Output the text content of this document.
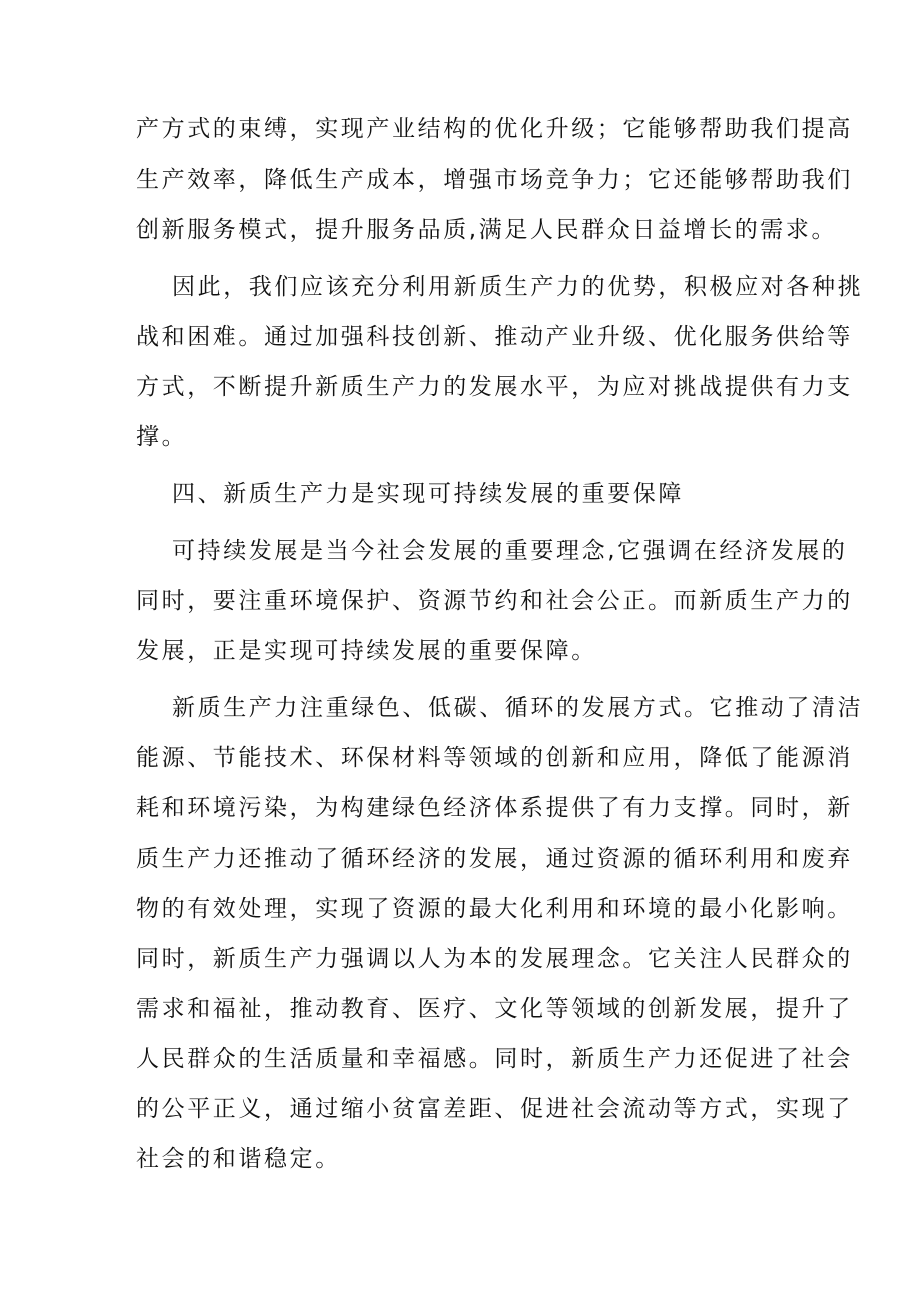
产方式的束缚，实现产业结构的优化升级；它能够帮助我们提高
生产效率，降低生产成本，增强市场竞争力；它还能够帮助我们
创新服务模式，提升服务品质,满足人民群众日益增长的需求。
因此，我们应该充分利用新质生产力的优势，积极应对各种挑
战和困难。通过加强科技创新、推动产业升级、优化服务供给等
方式，不断提升新质生产力的发展水平，为应对挑战提供有力支
撑。
四、新质生产力是实现可持续发展的重要保障
可持续发展是当今社会发展的重要理念,它强调在经济发展的
同时，要注重环境保护、资源节约和社会公正。而新质生产力的
发展，正是实现可持续发展的重要保障。
新质生产力注重绿色、低碳、循环的发展方式。它推动了清洁
能源、节能技术、环保材料等领域的创新和应用，降低了能源消
耗和环境污染，为构建绿色经济体系提供了有力支撑。同时，新
质生产力还推动了循环经济的发展，通过资源的循环利用和废弃
物的有效处理，实现了资源的最大化利用和环境的最小化影响。
同时，新质生产力强调以人为本的发展理念。它关注人民群众的
需求和福祉，推动教育、医疗、文化等领域的创新发展，提升了
人民群众的生活质量和幸福感。同时，新质生产力还促进了社会
的公平正义，通过缩小贫富差距、促进社会流动等方式，实现了
社会的和谐稳定。
